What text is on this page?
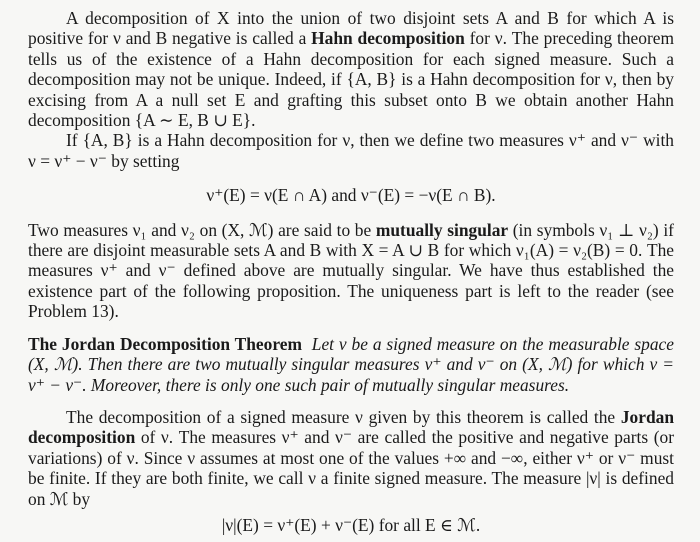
A decomposition of X into the union of two disjoint sets A and B for which A is positive for ν and B negative is called a Hahn decomposition for ν. The preceding theorem tells us of the existence of a Hahn decomposition for each signed measure. Such a decomposition may not be unique. Indeed, if {A, B} is a Hahn decomposition for ν, then by excising from A a null set E and grafting this subset onto B we obtain another Hahn decomposition {A ∼ E, B ∪ E}.

If {A, B} is a Hahn decomposition for ν, then we define two measures ν⁺ and ν⁻ with ν = ν⁺ − ν⁻ by setting

ν⁺(E) = ν(E ∩ A) and ν⁻(E) = −ν(E ∩ B).

Two measures ν₁ and ν₂ on (X, ℳ) are said to be mutually singular (in symbols ν₁ ⊥ ν₂) if there are disjoint measurable sets A and B with X = A ∪ B for which ν₁(A) = ν₂(B) = 0. The measures ν⁺ and ν⁻ defined above are mutually singular. We have thus established the existence part of the following proposition. The uniqueness part is left to the reader (see Problem 13).

The Jordan Decomposition Theorem Let ν be a signed measure on the measurable space (X, ℳ). Then there are two mutually singular measures ν⁺ and ν⁻ on (X, ℳ) for which ν = ν⁺ − ν⁻. Moreover, there is only one such pair of mutually singular measures.

The decomposition of a signed measure ν given by this theorem is called the Jordan decomposition of ν. The measures ν⁺ and ν⁻ are called the positive and negative parts (or variations) of ν. Since ν assumes at most one of the values +∞ and −∞, either ν⁺ or ν⁻ must be finite. If they are both finite, we call ν a finite signed measure. The measure |ν| is defined on ℳ by

|ν|(E) = ν⁺(E) + ν⁻(E) for all E ∈ ℳ.
